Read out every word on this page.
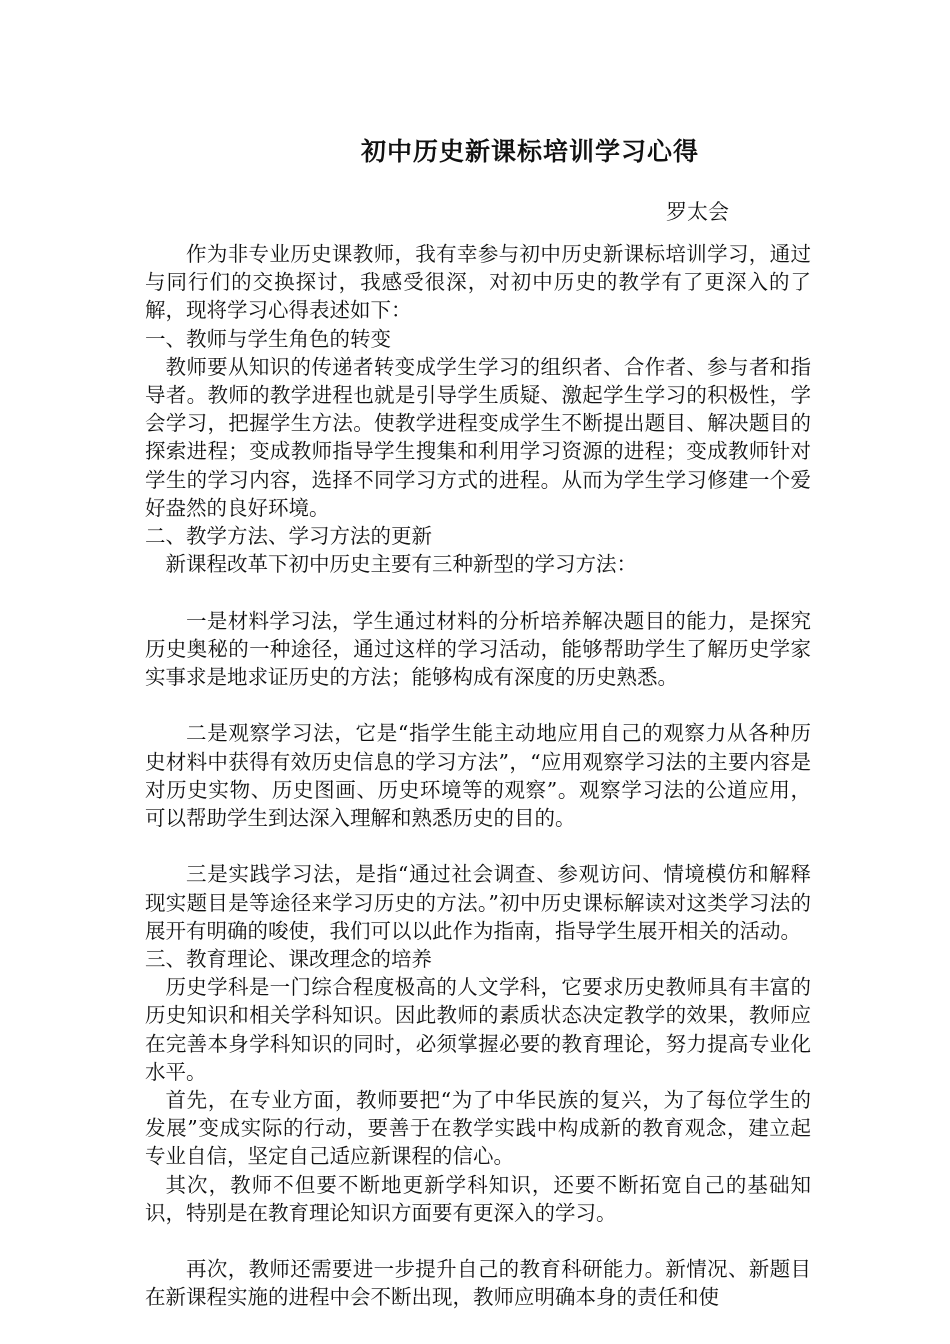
初中历史新课标培训学习心得
罗太会

作为非专业历史课教师，我有幸参与初中历史新课标培训学习，通过与同行们的交换探讨，我感受很深，对初中历史的教学有了更深入的了解，现将学习心得表述如下：

一、教师与学生角色的转变

教师要从知识的传递者转变成学生学习的组织者、合作者、参与者和指导者。教师的教学进程也就是引导学生质疑、激起学生学习的积极性，学会学习，把握学生方法。使教学进程变成学生不断提出题目、解决题目的探索进程；变成教师指导学生搜集和利用学习资源的进程；变成教师针对学生的学习内容，选择不同学习方式的进程。从而为学生学习修建一个爱好盎然的良好环境。

二、教学方法、学习方法的更新

新课程改革下初中历史主要有三种新型的学习方法：

一是材料学习法，学生通过材料的分析培养解决题目的能力，是探究历史奥秘的一种途径，通过这样的学习活动，能够帮助学生了解历史学家实事求是地求证历史的方法；能够构成有深度的历史熟悉。

二是观察学习法，它是“指学生能主动地应用自己的观察力从各种历史材料中获得有效历史信息的学习方法”，“应用观察学习法的主要内容是对历史实物、历史图画、历史环境等的观察”。观察学习法的公道应用，可以帮助学生到达深入理解和熟悉历史的目的。

三是实践学习法，是指“通过社会调查、参观访问、情境模仿和解释现实题目是等途径来学习历史的方法。”初中历史课标解读对这类学习法的展开有明确的唆使，我们可以以此作为指南，指导学生展开相关的活动。

三、教育理论、课改理念的培养

历史学科是一门综合程度极高的人文学科，它要求历史教师具有丰富的历史知识和相关学科知识。因此教师的素质状态决定教学的效果，教师应在完善本身学科知识的同时，必须掌握必要的教育理论，努力提高专业化水平。

首先，在专业方面，教师要把“为了中华民族的复兴，为了每位学生的发展”变成实际的行动，要善于在教学实践中构成新的教育观念，建立起专业自信，坚定自己适应新课程的信心。

其次，教师不但要不断地更新学科知识，还要不断拓宽自己的基础知识，特别是在教育理论知识方面要有更深入的学习。

再次，教师还需要进一步提升自己的教育科研能力。新情况、新题目在新课程实施的进程中会不断出现，教师应明确本身的责任和使
